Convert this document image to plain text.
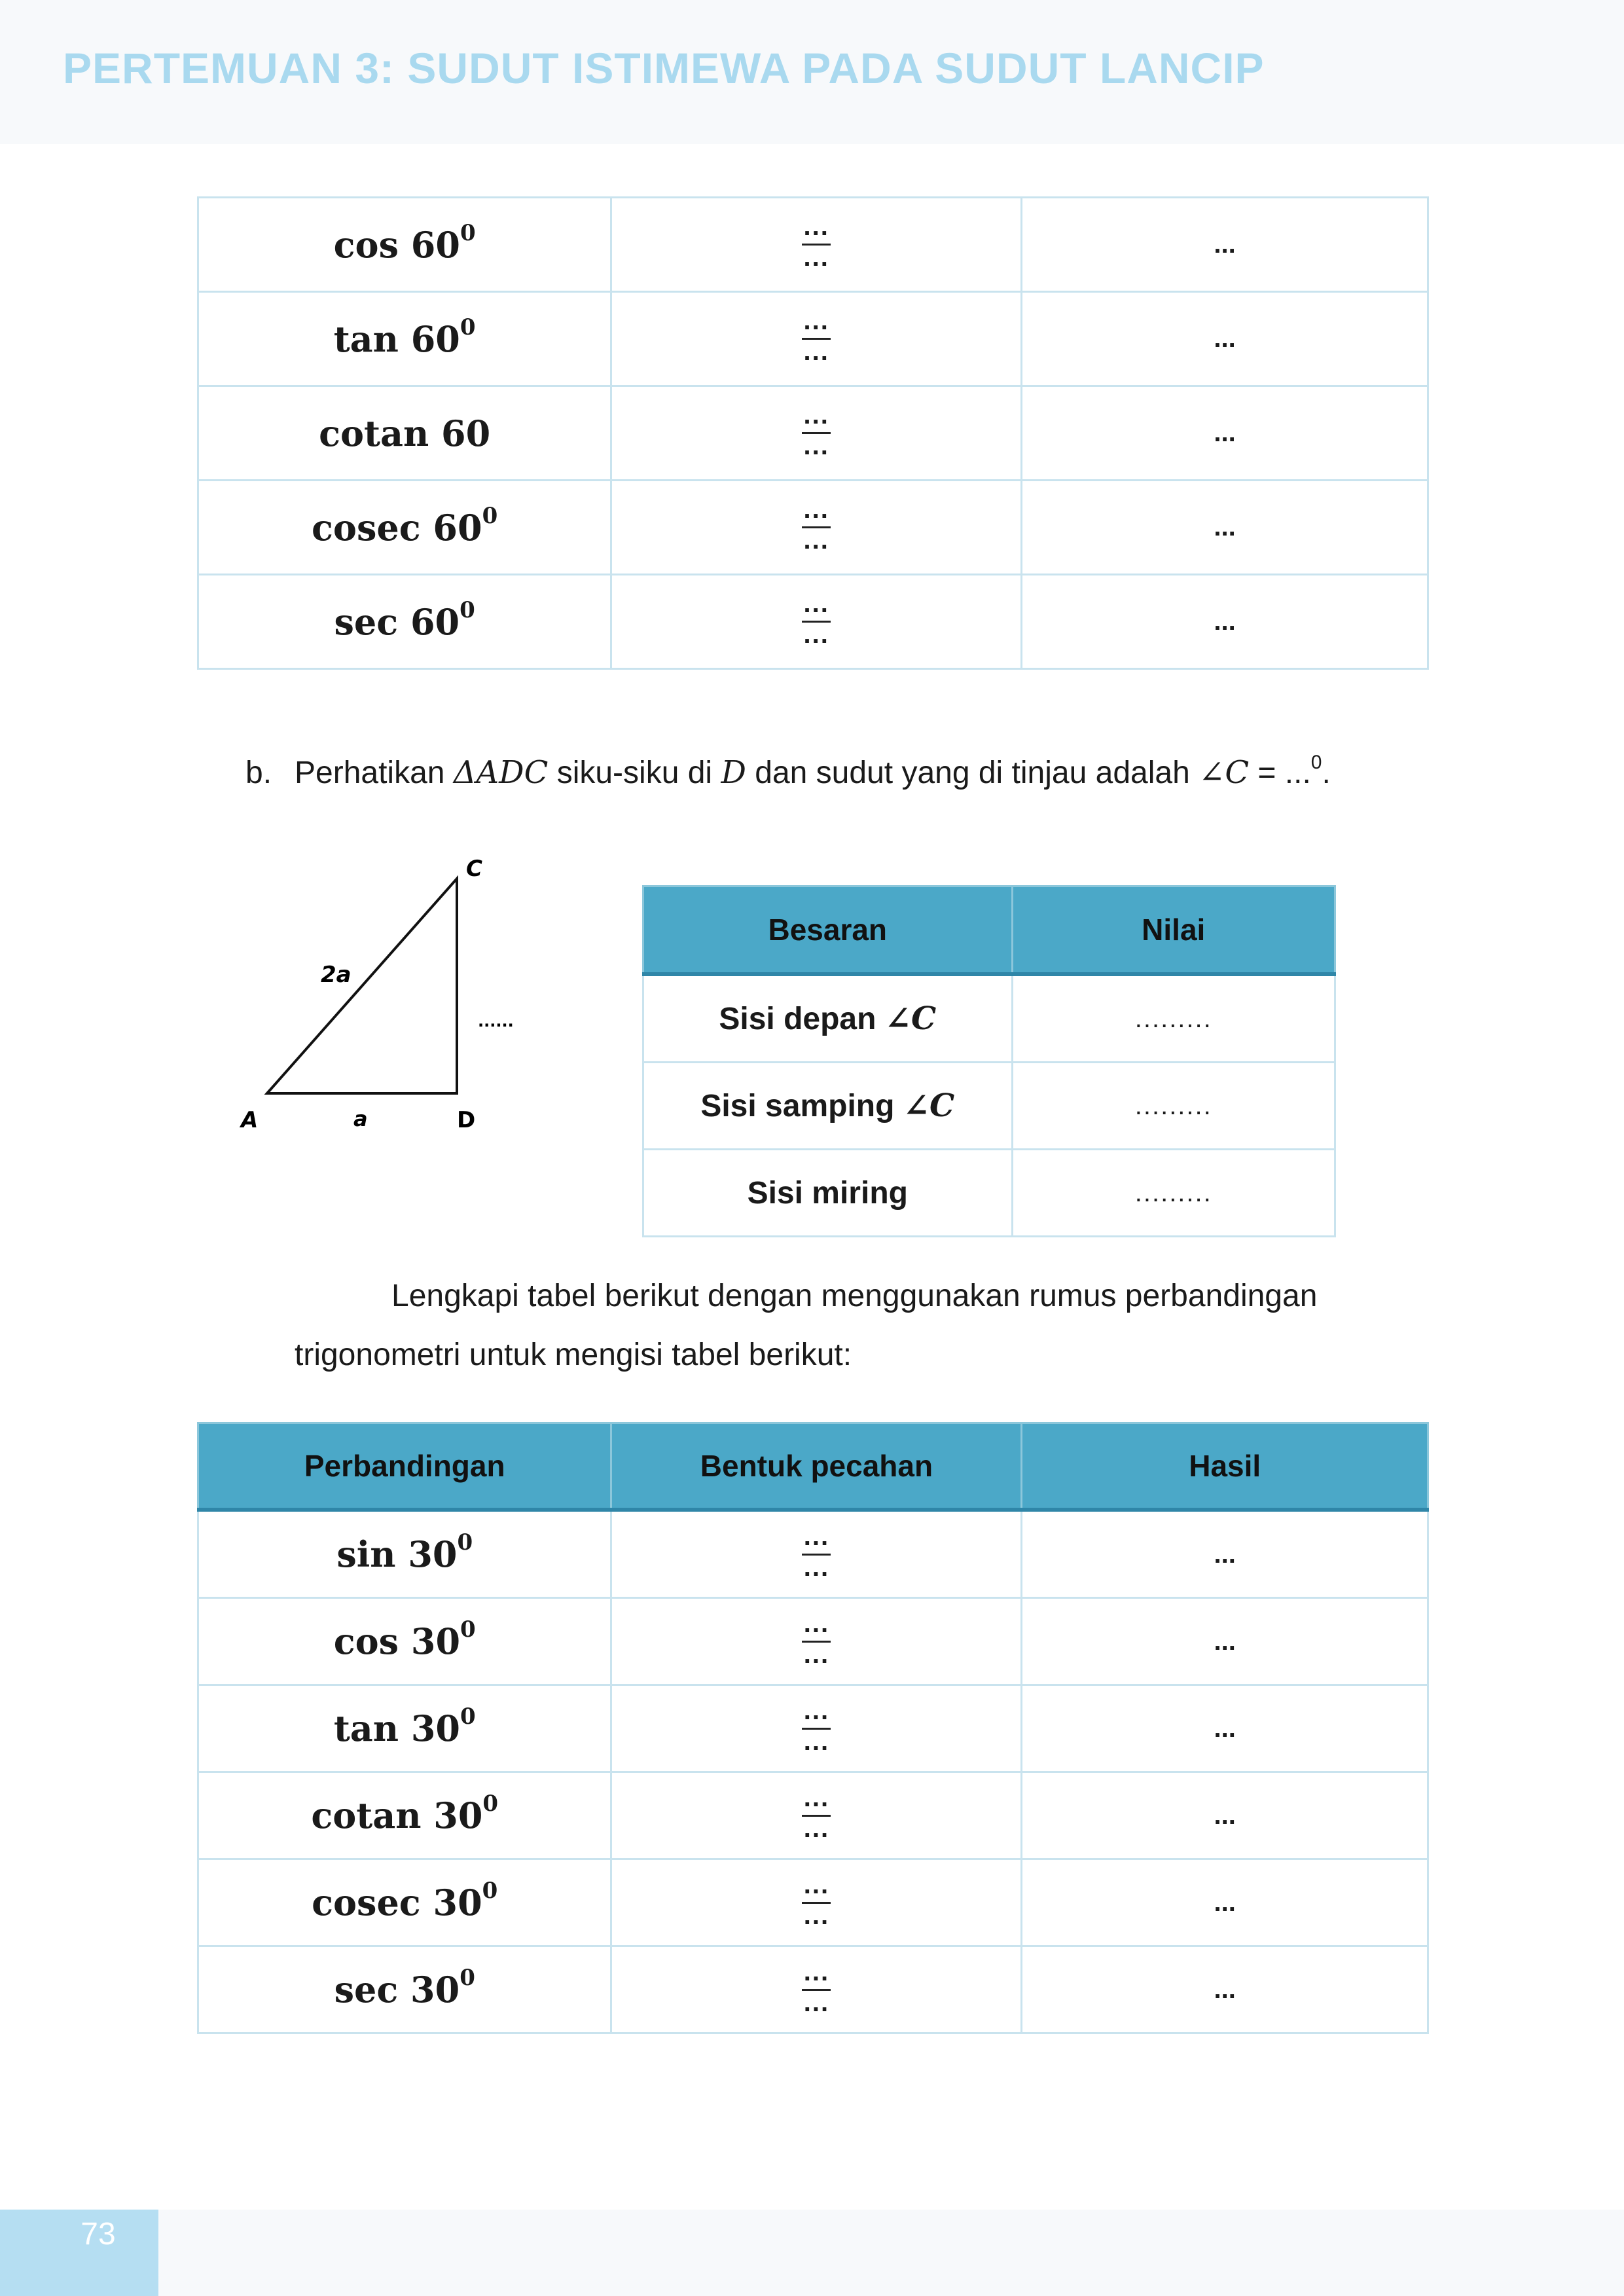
PERTEMUAN 3: SUDUT ISTIMEWA PADA SUDUT LANCIP
$\cos 60^0$	$\frac{...}{...}$	...
$\tan 60^0$	$\frac{...}{...}$	...
cotan 60	$\frac{...}{...}$	...
cosec $60^0$	$\frac{...}{...}$	...
$\sec 60^0$	$\frac{...}{...}$	...
b. Perhatikan ΔADC siku-siku di D dan sudut yang di tinjau adalah ∠C = ...$^0$.
A
C
D
2a
a
......
Besaran	Nilai
Sisi depan ∠C	.........
Sisi samping ∠C	.........
Sisi miring	.........
Lengkapi tabel berikut dengan menggunakan rumus perbandingan
trigonometri untuk mengisi tabel berikut:
Perbandingan	Bentuk pecahan	Hasil
$\sin 30^0$	$\frac{...}{...}$	...
$\cos 30^0$	$\frac{...}{...}$	...
$\tan 30^0$	$\frac{...}{...}$	...
cotan $30^0$	$\frac{...}{...}$	...
cosec $30^0$	$\frac{...}{...}$	...
$\sec 30^0$	$\frac{...}{...}$	...
73
